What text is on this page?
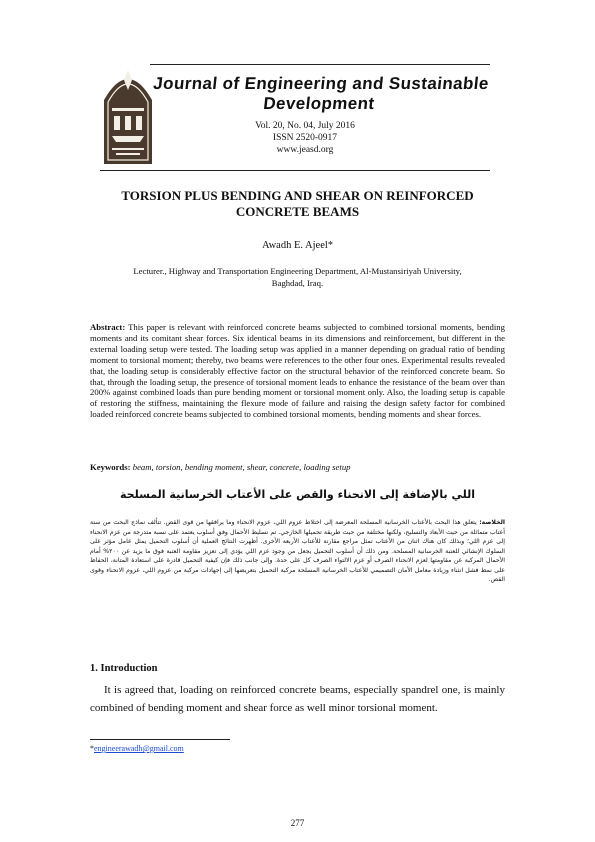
Journal of Engineering and Sustainable
Development
Vol. 20, No. 04, July 2016
ISSN 2520-0917
www.jeasd.org
TORSION PLUS BENDING AND SHEAR ON REINFORCED
CONCRETE BEAMS
Awadh E. Ajeel*
Lecturer., Highway and Transportation Engineering Department, Al-Mustansiriyah University,
Baghdad, Iraq.
Abstract: This paper is relevant with reinforced concrete beams subjected to combined torsional moments, bending moments and its comitant shear forces. Six identical beams in its dimensions and reinforcement, but different in the external loading setup were tested. The loading setup was applied in a manner depending on gradual ratio of bending moment to torsional moment; thereby, two beams were references to the other four ones. Experimental results revealed that, the loading setup is considerably effective factor on the structural behavior of the reinforced concrete beam. So that, through the loading setup, the presence of torsional moment leads to enhance the resistance of the beam over than 200% against combined loads than pure bending moment or torsional moment only. Also, the loading setup is capable of restoring the stiffness, maintaining the flexure mode of failure and raising the design safety factor for combined loaded reinforced concrete beams subjected to combined torsional moments, bending moments and shear forces.
Keywords: beam, torsion, bending moment, shear, concrete, loading setup
اللي بالإضافة إلى الانحناء والقص على الأعتاب الخرسانية المسلحة
الخلاصة: يتعلق هذا البحث بالأعتاب الخرسانية المسلحة المعرضة إلى اختلاط عزوم اللي، عزوم الانحناء وما يرافقها من قوى القص. تتألف نماذج البحث من ستة أعتاب متماثلة من حيث الأبعاد والتسليح، ولكنها مختلفة من حيث طريقة تحميلها الخارجي. تم تسليط الأحمال وفق أسلوب يعتمد على نسبة متدرجة من عزم الانحناء إلى عزم اللي؛ وبذلك كان هناك اثنان من الأعتاب تمثل مراجع مقارنة للأعتاب الأربعة الأخرى. أظهرت النتائج العملية أن أسلوب التحميل يمثل عامل مؤثر على السلوك الإنشائي للعتبة الخرسانية المسلحة. ومن ذلك أن أسلوب التحميل يجعل من وجود عزم اللي يؤدي إلى تعزيز مقاومة العتبة فوق ما يزيد عن ٢٠٠% أمام الأحمال المركبة عن مقاومتها لعزم الانحناء الصرف أو عزم الالتواء الصرف كل على حدة. وإلى جانب ذلك فإن كيفية التحميل قادرة على استعادة المتانة، الحفاظ على نمط فشل انثناء وزيادة معامل الأمان التصميمي للأعتاب الخرسانية المسلحة مركبة التحميل بتعريضها إلى إجهادات مركبة من عزوم اللي، عزوم الانحناء وقوى القص.
1. Introduction
It is agreed that, loading on reinforced concrete beams, especially spandrel one, is mainly combined of bending moment and shear force as well minor torsional moment.
*engineerawadh@gmail.com
277
